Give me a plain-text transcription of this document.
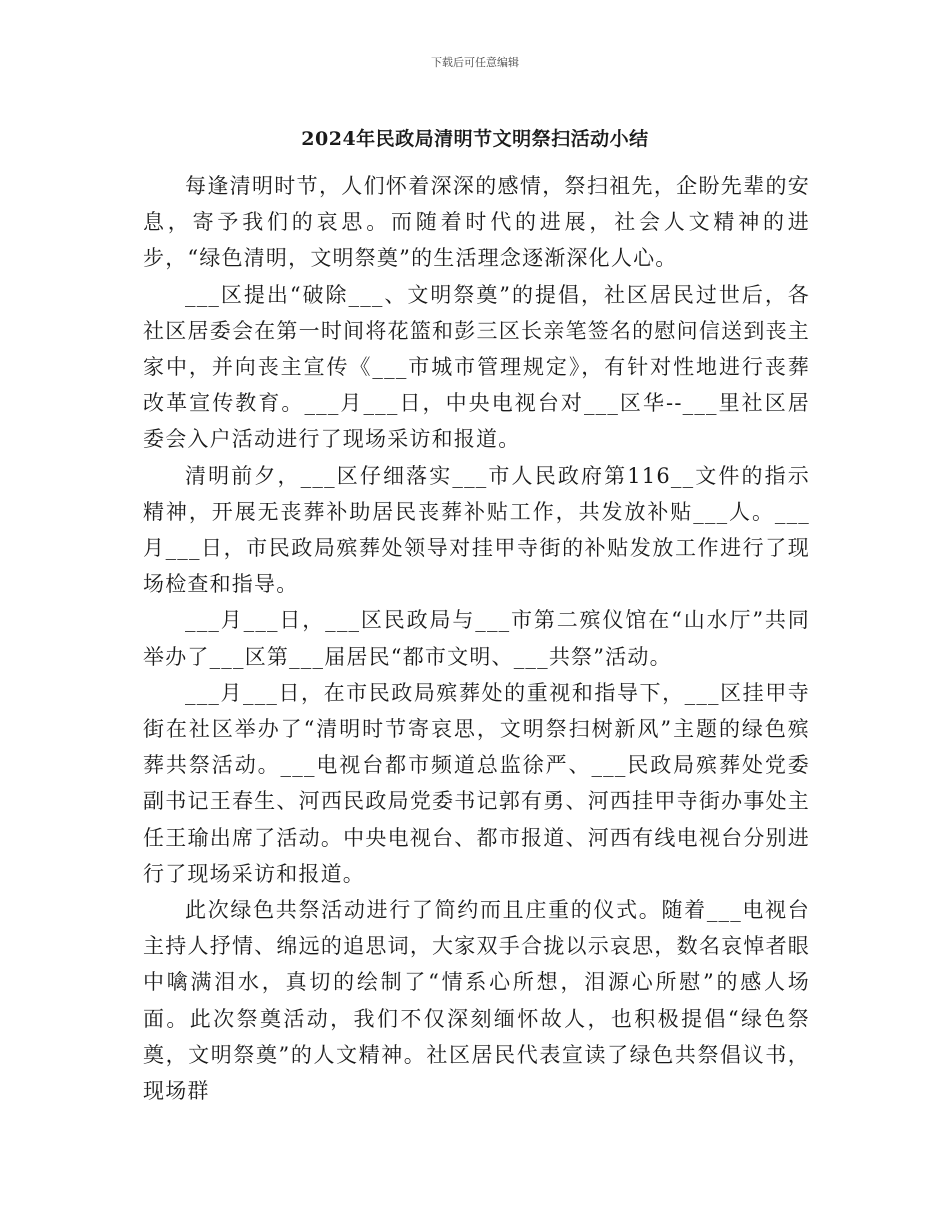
下载后可任意编辑
2024年民政局清明节文明祭扫活动小结

每逢清明时节，人们怀着深深的感情，祭扫祖先，企盼先辈的安息，寄予我们的哀思。而随着时代的进展，社会人文精神的进步，“绿色清明，文明祭奠”的生活理念逐渐深化人心。

___区提出“破除___、文明祭奠”的提倡，社区居民过世后，各社区居委会在第一时间将花篮和彭三区长亲笔签名的慰问信送到丧主家中，并向丧主宣传《___市城市管理规定》，有针对性地进行丧葬改革宣传教育。___月___日，中央电视台对___区华--___里社区居委会入户活动进行了现场采访和报道。

清明前夕，___区仔细落实___市人民政府第116__文件的指示精神，开展无丧葬补助居民丧葬补贴工作，共发放补贴___人。___月___日，市民政局殡葬处领导对挂甲寺街的补贴发放工作进行了现场检查和指导。

___月___日，___区民政局与___市第二殡仪馆在“山水厅”共同举办了___区第___届居民“都市文明、___共祭”活动。

___月___日，在市民政局殡葬处的重视和指导下，___区挂甲寺街在社区举办了“清明时节寄哀思，文明祭扫树新风”主题的绿色殡葬共祭活动。___电视台都市频道总监徐严、___民政局殡葬处党委副书记王春生、河西民政局党委书记郭有勇、河西挂甲寺街办事处主任王瑜出席了活动。中央电视台、都市报道、河西有线电视台分别进行了现场采访和报道。

此次绿色共祭活动进行了简约而且庄重的仪式。随着___电视台主持人抒情、绵远的追思词，大家双手合拢以示哀思，数名哀悼者眼中噙满泪水，真切的绘制了“情系心所想，泪源心所慰”的感人场面。此次祭奠活动，我们不仅深刻缅怀故人，也积极提倡“绿色祭奠，文明祭奠”的人文精神。社区居民代表宣读了绿色共祭倡议书，现场群
